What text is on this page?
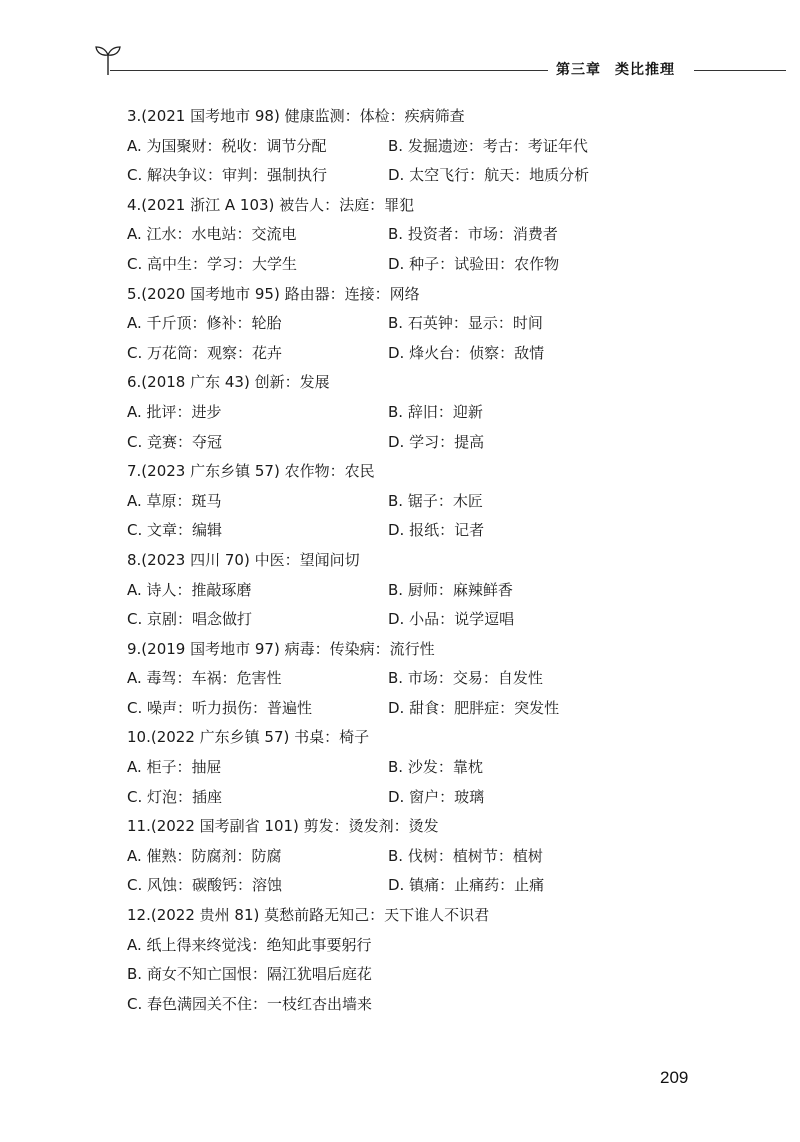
第三章 类比推理
3.(2021 国考地市 98) 健康监测：体检：疾病筛查
A. 为国聚财：税收：调节分配	B. 发掘遗迹：考古：考证年代
C. 解决争议：审判：强制执行	D. 太空飞行：航天：地质分析
4.(2021 浙江 A 103) 被告人：法庭：罪犯
A. 江水：水电站：交流电	B. 投资者：市场：消费者
C. 高中生：学习：大学生	D. 种子：试验田：农作物
5.(2020 国考地市 95) 路由器：连接：网络
A. 千斤顶：修补：轮胎	B. 石英钟：显示：时间
C. 万花筒：观察：花卉	D. 烽火台：侦察：敌情
6.(2018 广东 43) 创新：发展
A. 批评：进步	B. 辞旧：迎新
C. 竞赛：夺冠	D. 学习：提高
7.(2023 广东乡镇 57) 农作物：农民
A. 草原：斑马	B. 锯子：木匠
C. 文章：编辑	D. 报纸：记者
8.(2023 四川 70) 中医：望闻问切
A. 诗人：推敲琢磨	B. 厨师：麻辣鲜香
C. 京剧：唱念做打	D. 小品：说学逗唱
9.(2019 国考地市 97) 病毒：传染病：流行性
A. 毒驾：车祸：危害性	B. 市场：交易：自发性
C. 噪声：听力损伤：普遍性	D. 甜食：肥胖症：突发性
10.(2022 广东乡镇 57) 书桌：椅子
A. 柜子：抽屉	B. 沙发：靠枕
C. 灯泡：插座	D. 窗户：玻璃
11.(2022 国考副省 101) 剪发：烫发剂：烫发
A. 催熟：防腐剂：防腐	B. 伐树：植树节：植树
C. 风蚀：碳酸钙：溶蚀	D. 镇痛：止痛药：止痛
12.(2022 贵州 81) 莫愁前路无知己：天下谁人不识君
A. 纸上得来终觉浅：绝知此事要躬行
B. 商女不知亡国恨：隔江犹唱后庭花
C. 春色满园关不住：一枝红杏出墙来
209
